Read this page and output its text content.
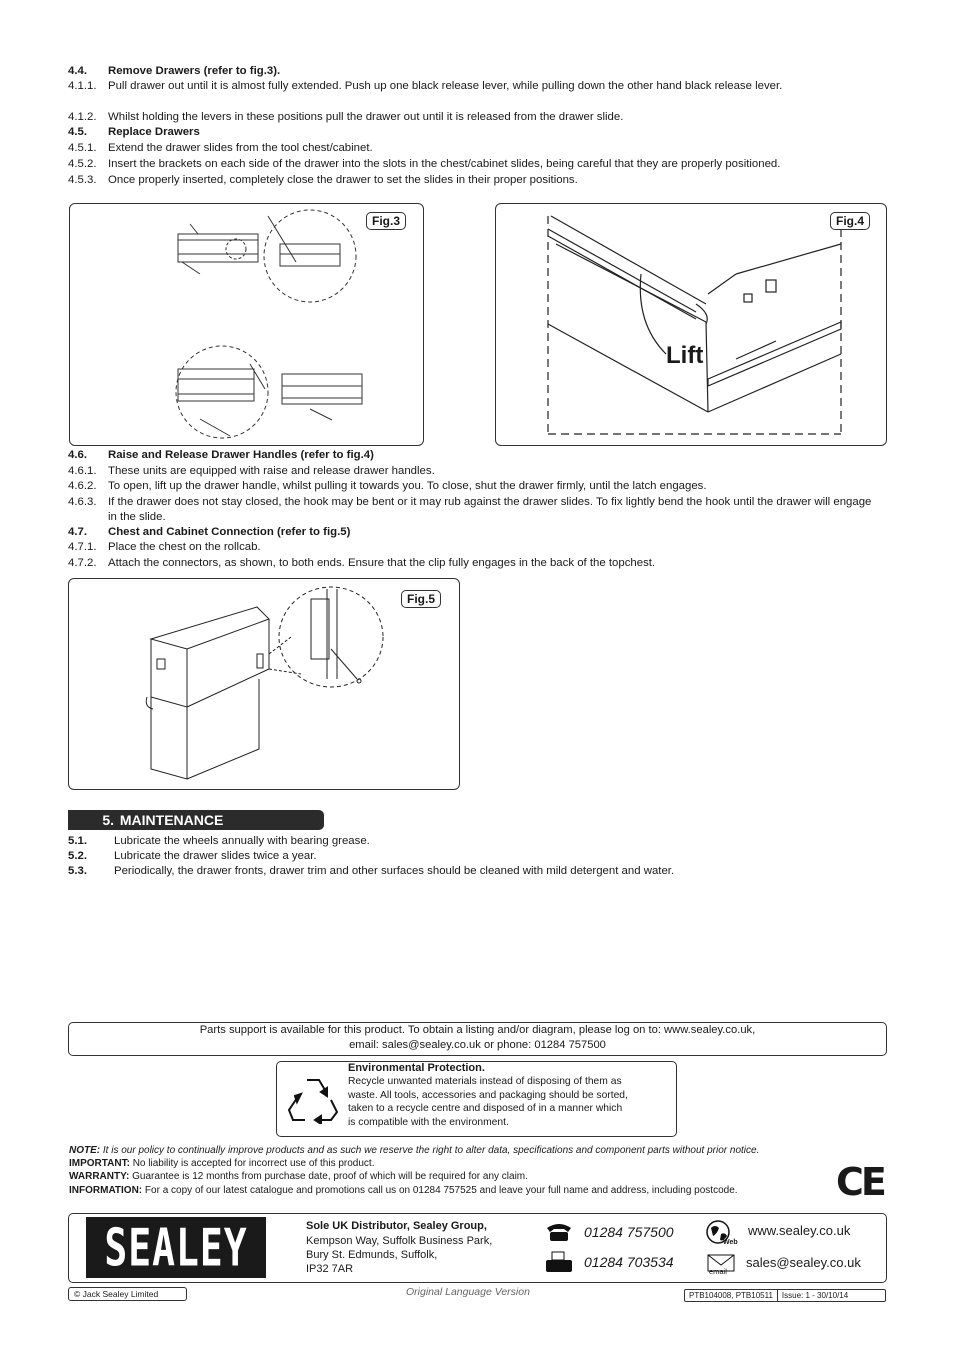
4.4.	Remove Drawers (refer to fig.3).
4.1.1.	Pull drawer out until it is almost fully extended. Push up one black release lever, while pulling down the other hand black release lever.
4.1.2.	Whilst holding the levers in these positions pull the drawer out until it is released from the drawer slide.
4.5.	Replace Drawers
4.5.1.	Extend the drawer slides from the tool chest/cabinet.
4.5.2.	Insert the brackets on each side of the drawer into the slots in the chest/cabinet slides, being careful that they are properly positioned.
4.5.3.	Once properly inserted, completely close the drawer to set the slides in their proper positions.
Fig.3
Lift
Fig.4
4.6.	Raise and Release Drawer Handles (refer to fig.4)
4.6.1.	These units are equipped with raise and release drawer handles.
4.6.2.	To open, lift up the drawer handle, whilst pulling it towards you. To close, shut the drawer firmly, until the latch engages.
4.6.3.	If the drawer does not stay closed, the hook may be bent or it may rub against the drawer slides. To fix lightly bend the hook until the drawer will engage in the slide.
4.7.	Chest and Cabinet Connection (refer to fig.5)
4.7.1.	Place the chest on the rollcab.
4.7.2.	Attach the connectors, as shown, to both ends. Ensure that the clip fully engages in the back of the topchest.
Fig.5
5. MAINTENANCE
5.1.	Lubricate the wheels annually with bearing grease.
5.2.	Lubricate the drawer slides twice a year.
5.3.	Periodically, the drawer fronts, drawer trim and other surfaces should be cleaned with mild detergent and water.
Parts support is available for this product. To obtain a listing and/or diagram, please log on to: www.sealey.co.uk,
email: sales@sealey.co.uk or phone: 01284 757500
Environmental Protection.
Recycle unwanted materials instead of disposing of them as
waste. All tools, accessories and packaging should be sorted,
taken to a recycle centre and disposed of in a manner which
is compatible with the environment.
NOTE: It is our policy to continually improve products and as such we reserve the right to alter data, specifications and component parts without prior notice.
IMPORTANT: No liability is accepted for incorrect use of this product.
WARRANTY: Guarantee is 12 months from purchase date, proof of which will be required for any claim.
INFORMATION: For a copy of our latest catalogue and promotions call us on 01284 757525 and leave your full name and address, including postcode.	CE
SEALEY	Sole UK Distributor, Sealey Group,
Kempson Way, Suffolk Business Park,
Bury St. Edmunds, Suffolk,
IP32 7AR
01284 757500
01284 703534
Web
www.sealey.co.uk
email
sales@sealey.co.uk
© Jack Sealey Limited	Original Language Version	PTB104008, PTB10511	Issue: 1 - 30/10/14
